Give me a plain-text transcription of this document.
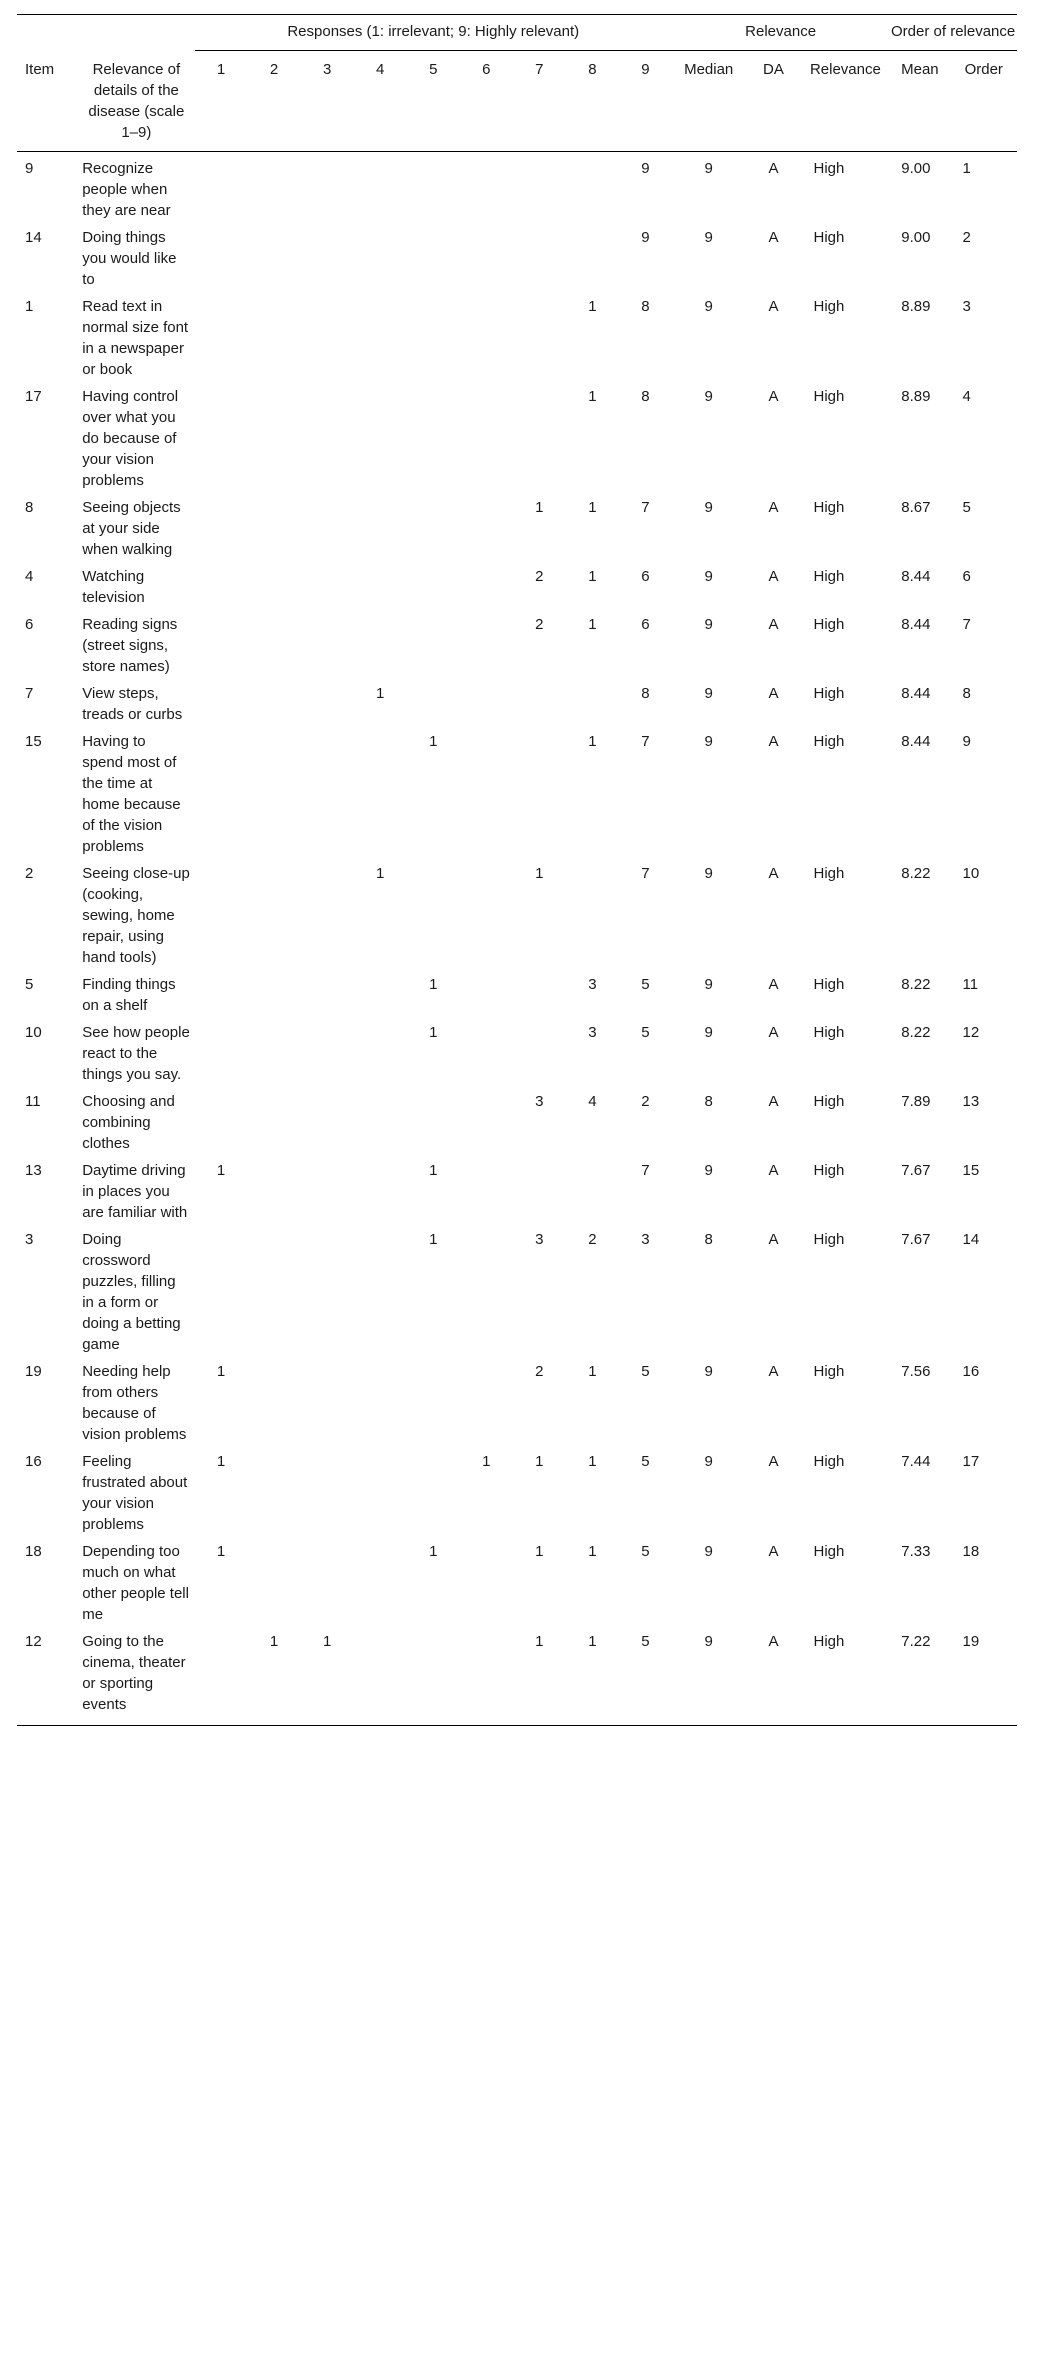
		Responses (1: irrelevant; 9: Highly relevant)									Relevance			Order of relevance	
Item	Relevance of details of the disease (scale 1–9)	1	2	3	4	5	6	7	8	9	Median	DA	Relevance	Mean	Order
9	Recognize people when they are near									9	9	A	High	9.00	1
14	Doing things you would like to									9	9	A	High	9.00	2
1	Read text in normal size font in a newspaper or book								1	8	9	A	High	8.89	3
17	Having control over what you do because of your vision problems								1	8	9	A	High	8.89	4
8	Seeing objects at your side when walking							1	1	7	9	A	High	8.67	5
4	Watching television							2	1	6	9	A	High	8.44	6
6	Reading signs (street signs, store names)							2	1	6	9	A	High	8.44	7
7	View steps, treads or curbs				1					8	9	A	High	8.44	8
15	Having to spend most of the time at home because of the vision problems					1			1	7	9	A	High	8.44	9
2	Seeing close-up (cooking, sewing, home repair, using hand tools)				1			1		7	9	A	High	8.22	10
5	Finding things on a shelf					1			3	5	9	A	High	8.22	11
10	See how people react to the things you say.					1			3	5	9	A	High	8.22	12
11	Choosing and combining clothes							3	4	2	8	A	High	7.89	13
13	Daytime driving in places you are familiar with	1				1				7	9	A	High	7.67	15
3	Doing crossword puzzles, filling in a form or doing a betting game					1		3	2	3	8	A	High	7.67	14
19	Needing help from others because of vision problems	1						2	1	5	9	A	High	7.56	16
16	Feeling frustrated about your vision problems	1					1	1	1	5	9	A	High	7.44	17
18	Depending too much on what other people tell me	1				1		1	1	5	9	A	High	7.33	18
12	Going to the cinema, theater or sporting events		1	1				1	1	5	9	A	High	7.22	19
